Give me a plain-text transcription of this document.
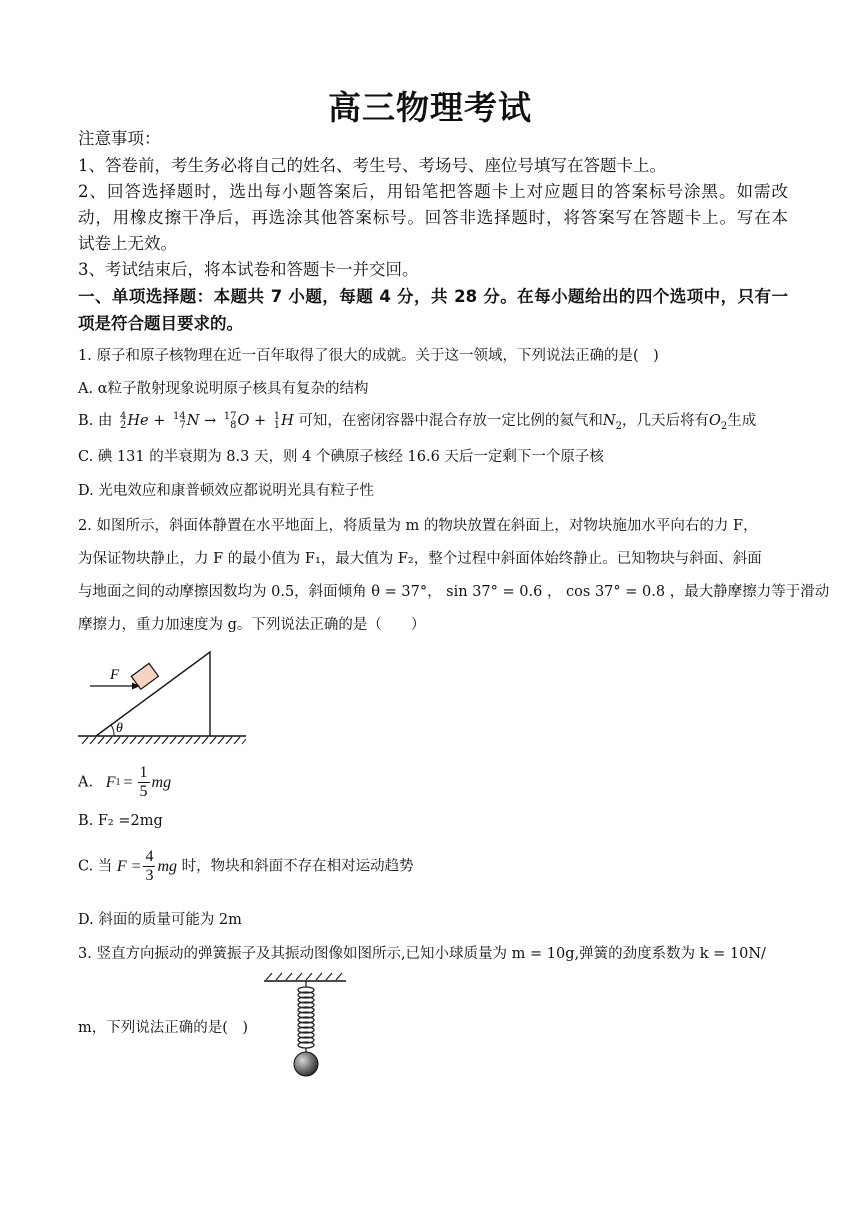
高三物理考试
注意事项：
1、答卷前，考生务必将自己的姓名、考生号、考场号、座位号填写在答题卡上。
2、回答选择题时，选出每小题答案后，用铅笔把答题卡上对应题目的答案标号涂黑。如需改
动，用橡皮擦干净后，再选涂其他答案标号。回答非选择题时，将答案写在答题卡上。写在本
试卷上无效。
3、考试结束后，将本试卷和答题卡一并交回。
一、单项选择题：本题共 7 小题，每题 4 分，共 28 分。在每小题给出的四个选项中，只有一
项是符合题目要求的。
1. 原子和原子核物理在近一百年取得了很大的成就。关于这一领域，下列说法正确的是(　)
A. α粒子散射现象说明原子核具有复杂的结构
B. 由 4
2 He + 14
7 N → 17
8 O + 1
1 H 可知，在密闭容器中混合存放一定比例的氦气和$N_2$，几天后将有$O_2$生成
C. 碘 131 的半衰期为 8.3 天，则 4 个碘原子核经 16.6 天后一定剩下一个原子核
D. 光电效应和康普顿效应都说明光具有粒子性
2. 如图所示，斜面体静置在水平地面上，将质量为 m 的物块放置在斜面上，对物块施加水平向右的力 F，
为保证物块静止，力 F 的最小值为 F₁，最大值为 F₂，整个过程中斜面体始终静止。已知物块与斜面、斜面
与地面之间的动摩擦因数均为 0.5，斜面倾角 θ = 37°， sin 37° = 0.6 ， cos 37° = 0.8 ，最大静摩擦力等于滑动
摩擦力，重力加速度为 g。下列说法正确的是（　　）
θ
F
A. F $1 = \frac{1}{5}$ mg
B. F₂ =2mg
C. 当 $F = \frac{4}{3}$ mg 时，物块和斜面不存在相对运动趋势
D. 斜面的质量可能为 2m
3. 竖直方向振动的弹簧振子及其振动图像如图所示,已知小球质量为 m = 10g,弹簧的劲度系数为 k = 10N/
m，下列说法正确的是(　)
